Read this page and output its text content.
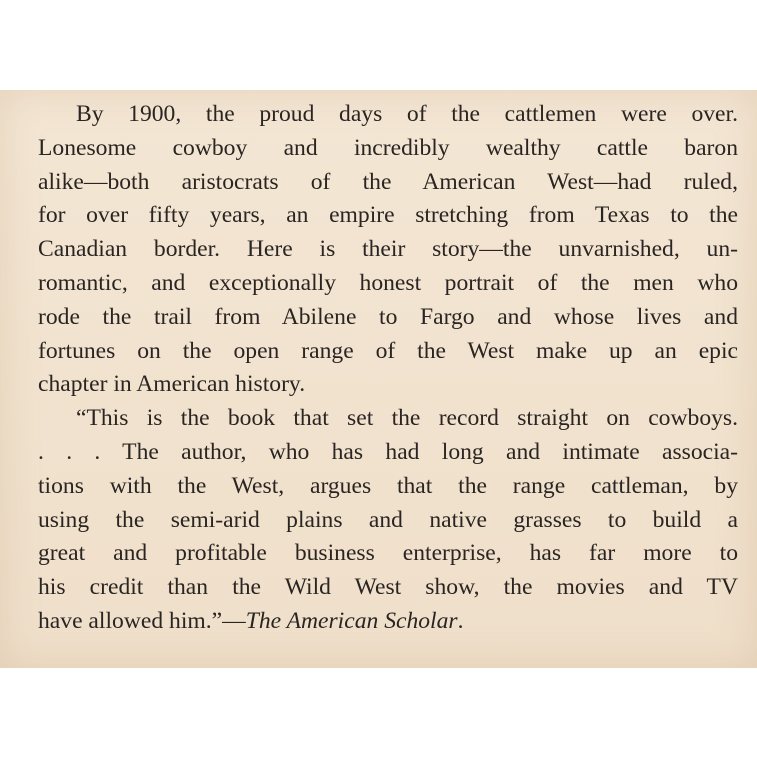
By 1900, the proud days of the cattlemen were over.
Lonesome cowboy and incredibly wealthy cattle baron
alike—both aristocrats of the American West—had ruled,
for over fifty years, an empire stretching from Texas to the
Canadian border. Here is their story—the unvarnished, un-
romantic, and exceptionally honest portrait of the men who
rode the trail from Abilene to Fargo and whose lives and
fortunes on the open range of the West make up an epic
chapter in American history.
“This is the book that set the record straight on cowboys.
. . . The author, who has had long and intimate associa-
tions with the West, argues that the range cattleman, by
using the semi-arid plains and native grasses to build a
great and profitable business enterprise, has far more to
his credit than the Wild West show, the movies and TV
have allowed him.”—The American Scholar.
